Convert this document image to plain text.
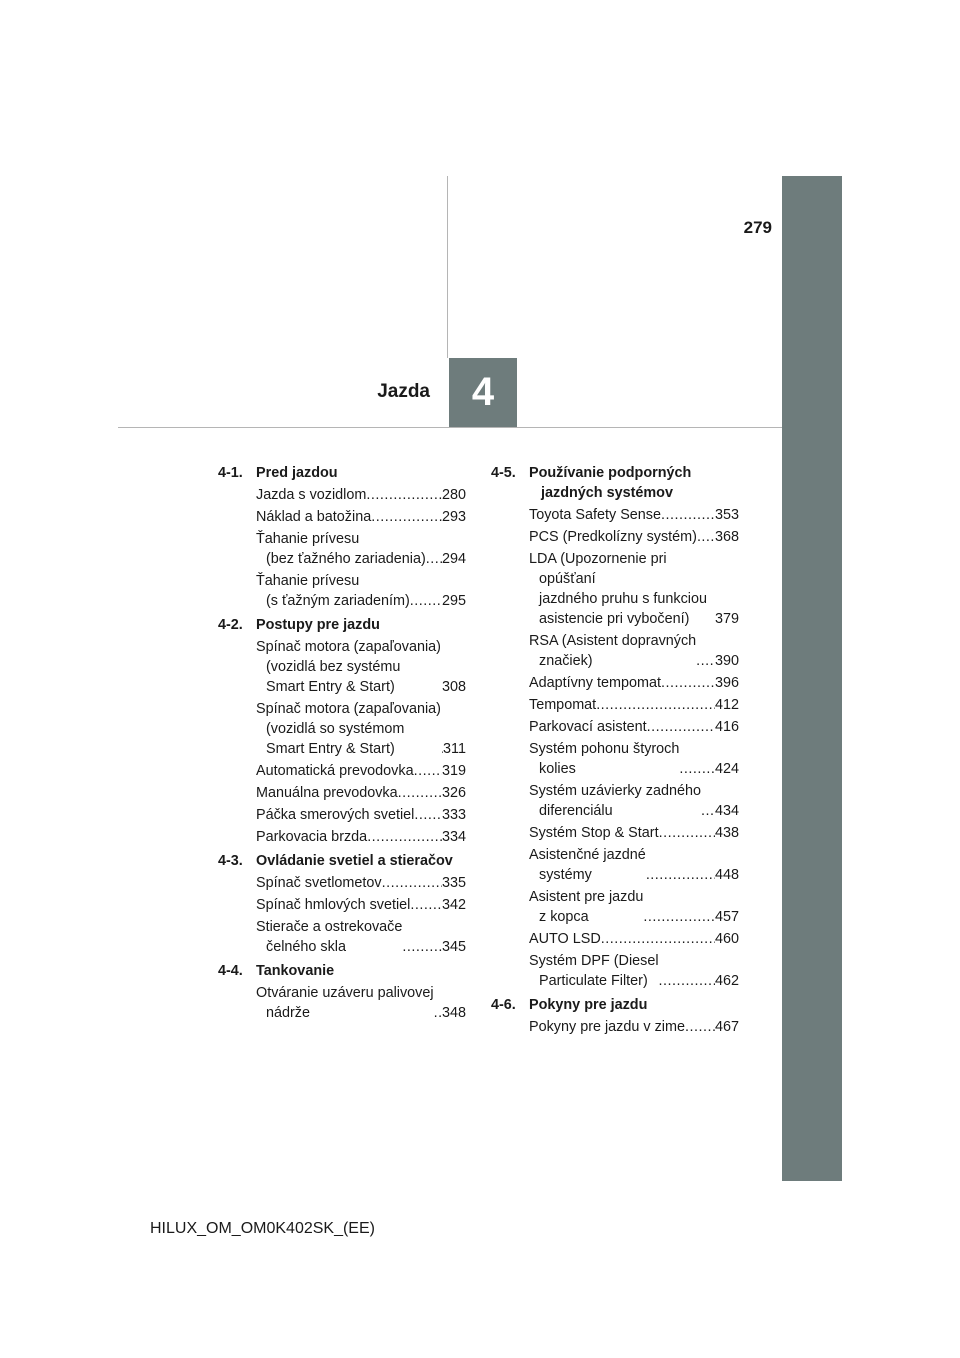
279
Jazda 4
4-1. Pred jazdou
Jazda s vozidlom .....	280
Náklad a batožina .....	293
Ťahanie prívesu
(bez ťažného zariadenia) ..... 294
Ťahanie prívesu
(s ťažným zariadením) ..... 295
4-2. Postupy pre jazdu
Spínač motora (zapaľovania)
(vozidlá bez systému
Smart Entry & Start) .....	308
Spínač motora (zapaľovania)
(vozidlá so systémom
Smart Entry & Start) .....	311
Automatická prevodovka ..... 319
Manuálna prevodovka .....	326
Páčka smerových svetiel ..... 333
Parkovacia brzda .....	334
4-3. Ovládanie svetiel a stieračov
Spínač svetlometov .....	335
Spínač hmlových svetiel ..... 342
Stierače a ostrekovače
čelného skla .....	345
4-4. Tankovanie
Otváranie uzáveru palivovej
nádrže .....	348
4-5. Používanie podporných jazdných systémov
Toyota Safety Sense .....	353
PCS (Predkolízny systém) ..... 368
LDA (Upozornenie pri opúšťaní
jazdného pruhu s funkciou
asistencie pri vybočení)	379
RSA (Asistent dopravných
značiek) .....	390
Adaptívny tempomat .....	396
Tempomat .....	412
Parkovací asistent .....	416
Systém pohonu štyroch
kolies .....	424
Systém uzávierky zadného
diferenciálu .....	434
Systém Stop & Start .....	438
Asistenčné jazdné
systémy .....	448
Asistent pre jazdu
z kopca .....	457
AUTO LSD .....	460
Systém DPF (Diesel
Particulate Filter) .....	462
4-6. Pokyny pre jazdu
Pokyny pre jazdu v zime ..... 467
HILUX_OM_OM0K402SK_(EE)
